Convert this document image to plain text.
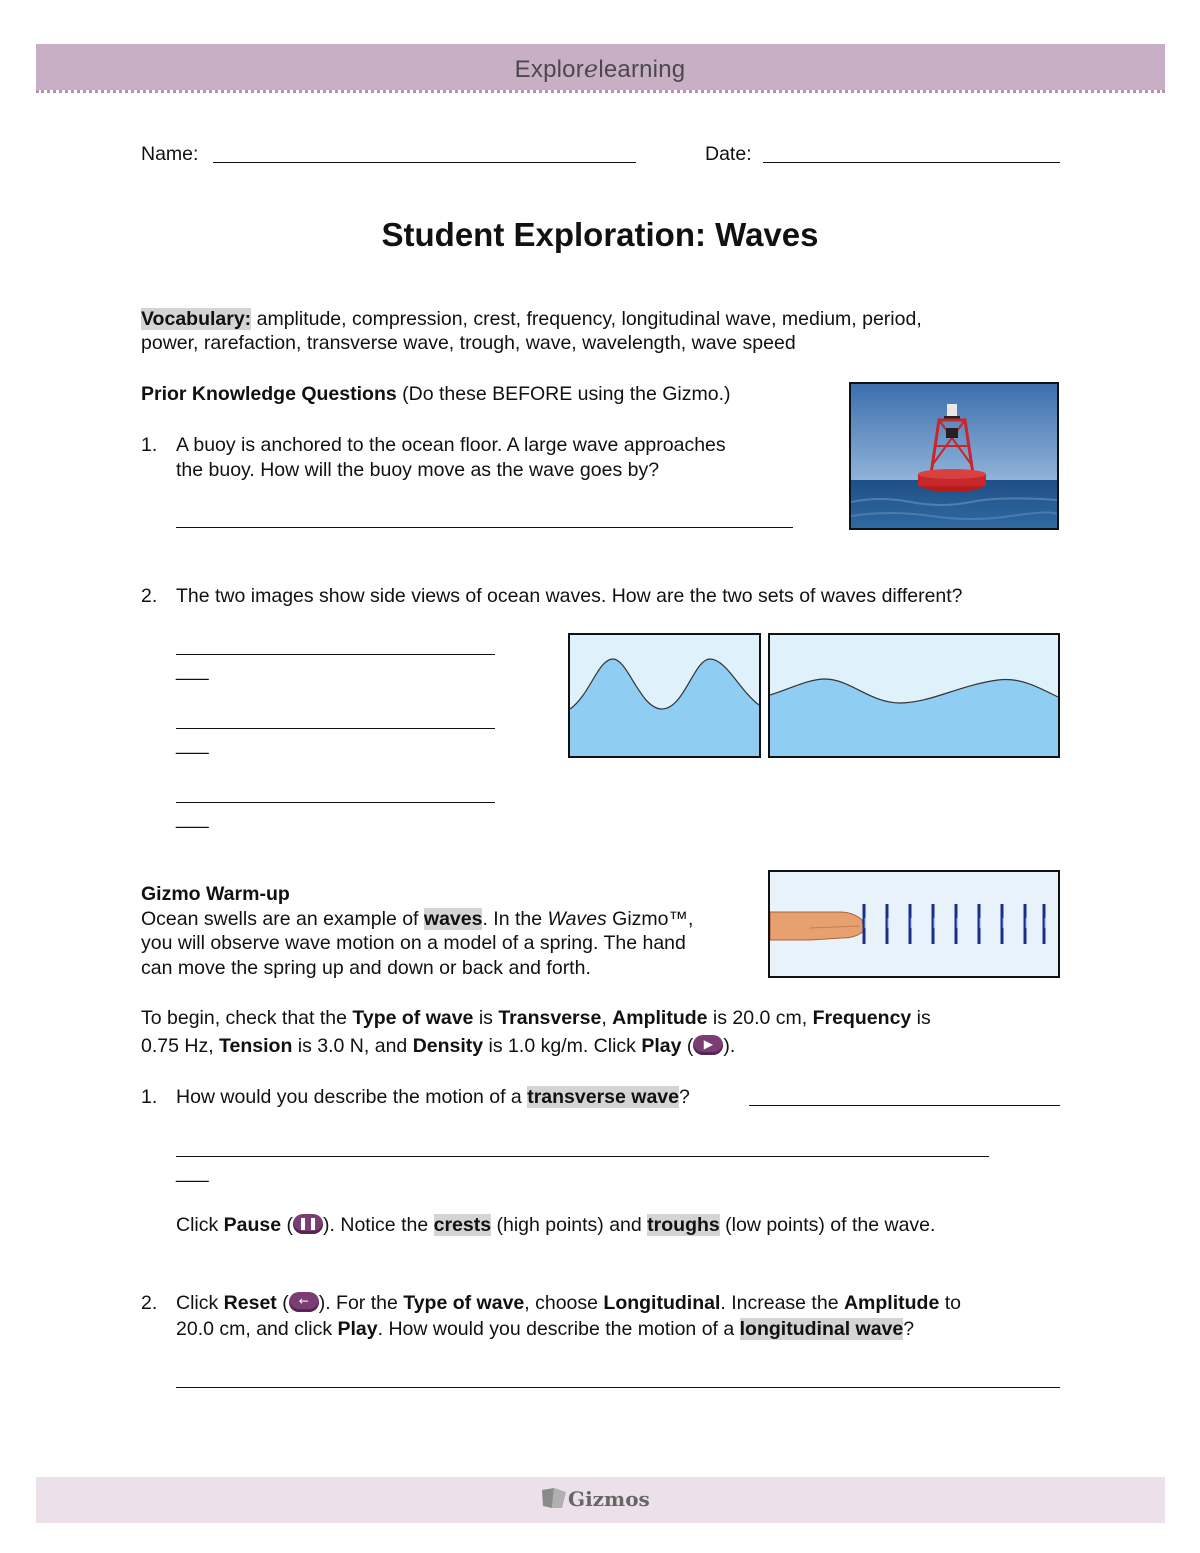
Explorelearning
Name:	Date:
Student Exploration: Waves
Vocabulary: amplitude, compression, crest, frequency, longitudinal wave, medium, period,
power, rarefaction, transverse wave, trough, wave, wavelength, wave speed
Prior Knowledge Questions (Do these BEFORE using the Gizmo.)
1. A buoy is anchored to the ocean floor. A large wave approaches
the buoy. How will the buoy move as the wave goes by?
2. The two images show side views of ocean waves. How are the two sets of waves different?
___
___
___
Gizmo Warm-up
Ocean swells are an example of waves. In the Waves Gizmo™,
you will observe wave motion on a model of a spring. The hand
can move the spring up and down or back and forth.
To begin, check that the Type of wave is Transverse, Amplitude is 20.0 cm, Frequency is
0.75 Hz, Tension is 3.0 N, and Density is 1.0 kg/m. Click Play ( ▶ ).
1. How would you describe the motion of a transverse wave?
___
Click Pause ( ❚❚ ). Notice the crests (high points) and troughs (low points) of the wave.
2. Click Reset ( ← ). For the Type of wave, choose Longitudinal. Increase the Amplitude to
20.0 cm, and click Play. How would you describe the motion of a longitudinal wave?
Gizmos
